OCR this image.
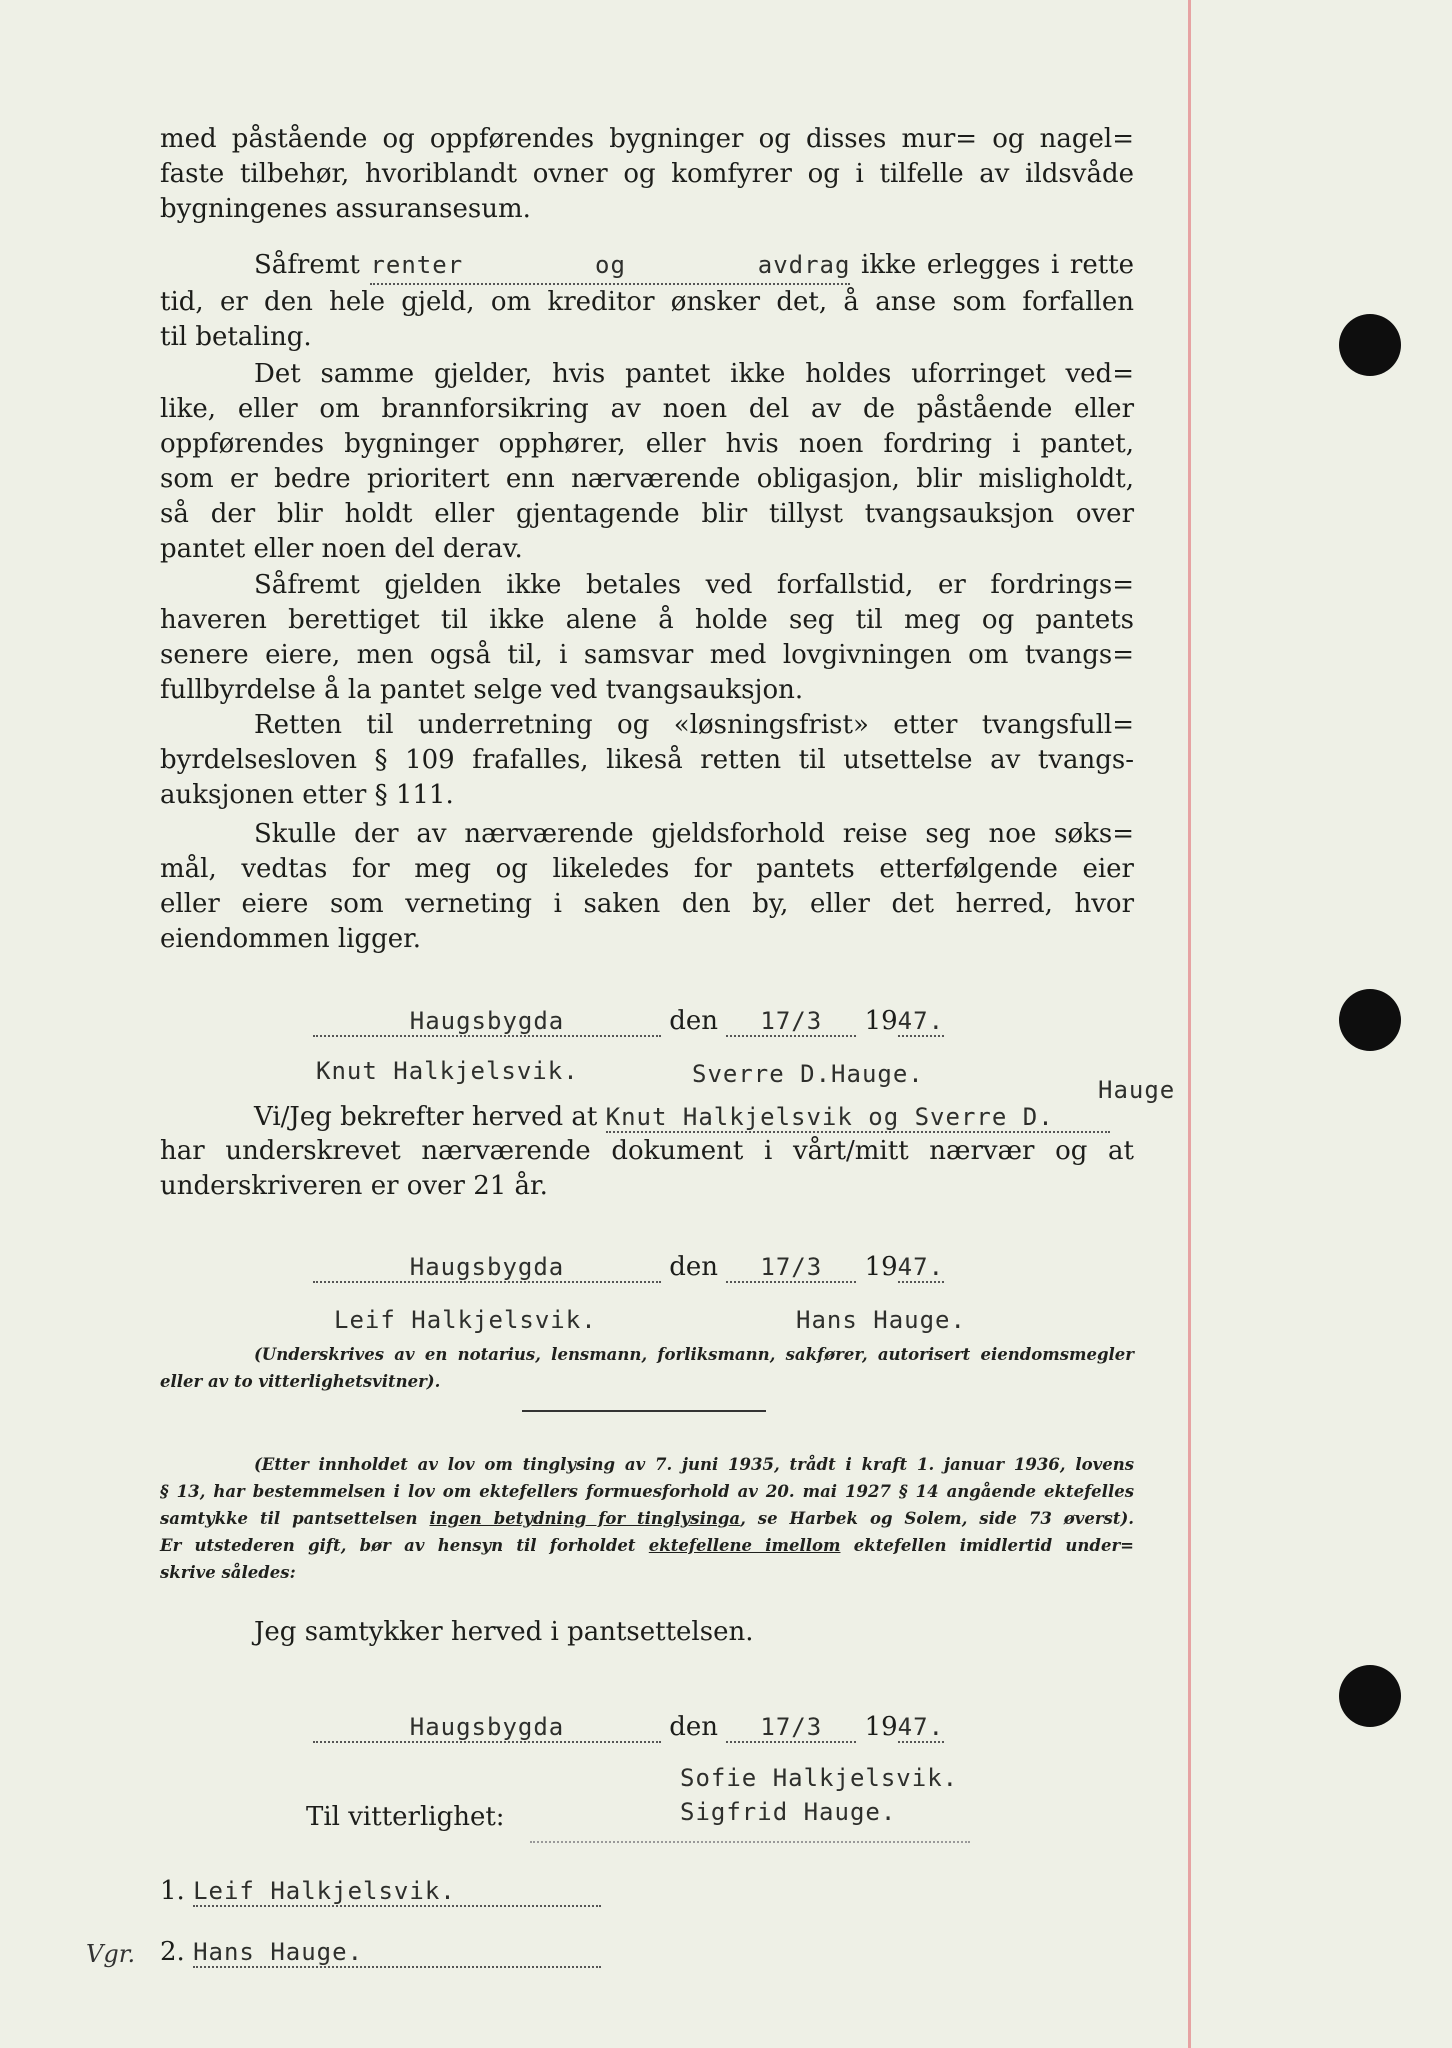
med påstående og oppførendes bygninger og disses mur= og nagel=
faste tilbehør, hvoriblandt ovner og komfyrer og i tilfelle av ildsvåde
bygningenes assuransesum.
Såfremt renter og avdrag ikke erlegges i rette
tid, er den hele gjeld, om kreditor ønsker det, å anse som forfallen
til betaling.
Det samme gjelder, hvis pantet ikke holdes uforringet ved=
like, eller om brannforsikring av noen del av de påstående eller
oppførendes bygninger opphører, eller hvis noen fordring i pantet,
som er bedre prioritert enn nærværende obligasjon, blir misligholdt,
så der blir holdt eller gjentagende blir tillyst tvangsauksjon over
pantet eller noen del derav.
Såfremt gjelden ikke betales ved forfallstid, er fordrings=
haveren berettiget til ikke alene å holde seg til meg og pantets
senere eiere, men også til, i samsvar med lovgivningen om tvangs=
fullbyrdelse å la pantet selge ved tvangsauksjon.
Retten til underretning og «løsningsfrist» etter tvangsfull=
byrdelsesloven § 109 frafalles, likeså retten til utsettelse av tvangs-
auksjonen etter § 111.
Skulle der av nærværende gjeldsforhold reise seg noe søks=
mål, vedtas for meg og likeledes for pantets etterfølgende eier
eller eiere som verneting i saken den by, eller det herred, hvor
eiendommen ligger.
Haugsbygda	den 17/3 1947.
Knut Halkjelsvik.	Sverre D.Hauge.
Hauge
Vi/Jeg bekrefter herved at Knut Halkjelsvik og Sverre D.
har underskrevet nærværende dokument i vårt/mitt nærvær og at
underskriveren er over 21 år.
Haugsbygda	den 17/3 1947.
Leif Halkjelsvik.	Hans Hauge.
(Underskrives av en notarius, lensmann, forliksmann, sakfører, autorisert eiendomsmegler
eller av to vitterlighetsvitner).
(Etter innholdet av lov om tinglysing av 7. juni 1935, trådt i kraft 1. januar 1936, lovens
§ 13, har bestemmelsen i lov om ektefellers formuesforhold av 20. mai 1927 § 14 angående ektefelles
samtykke til pantsettelsen ingen betydning for tinglysinga, se Harbek og Solem, side 73 øverst).
Er utstederen gift, bør av hensyn til forholdet ektefellene imellom ektefellen imidlertid under=
skrive således:
Jeg samtykker herved i pantsettelsen.
Haugsbygda	den 17/3 1947.
Sofie Halkjelsvik.
Sigfrid Hauge.
Til vitterlighet:
1. Leif Halkjelsvik.
2. Hans Hauge.
Vgr.
